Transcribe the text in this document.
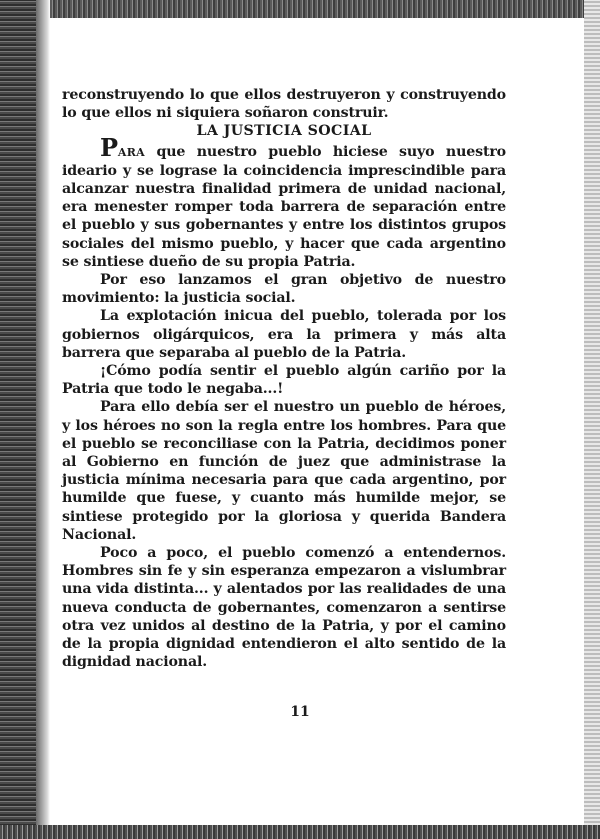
reconstruyendo lo que ellos destruyeron y construyendo lo que ellos ni siquiera soñaron construir.

LA JUSTICIA SOCIAL

PARA que nuestro pueblo hiciese suyo nuestro ideario y se lograse la coincidencia imprescindible para alcanzar nuestra finalidad primera de unidad nacional, era menester romper toda barrera de separación entre el pueblo y sus gobernantes y entre los distintos grupos sociales del mismo pueblo, y hacer que cada argentino se sintiese dueño de su propia Patria.

Por eso lanzamos el gran objetivo de nuestro movimiento: la justicia social.

La explotación inicua del pueblo, tolerada por los gobiernos oligárquicos, era la primera y más alta barrera que separaba al pueblo de la Patria.

¡Cómo podía sentir el pueblo algún cariño por la Patria que todo le negaba...!

Para ello debía ser el nuestro un pueblo de héroes, y los héroes no son la regla entre los hombres. Para que el pueblo se reconciliase con la Patria, decidimos poner al Gobierno en función de juez que administrase la justicia mínima necesaria para que cada argentino, por humilde que fuese, y cuanto más humilde mejor, se sintiese protegido por la gloriosa y querida Bandera Nacional.

Poco a poco, el pueblo comenzó a entendernos. Hombres sin fe y sin esperanza empezaron a vislumbrar una vida distinta... y alentados por las realidades de una nueva conducta de gobernantes, comenzaron a sentirse otra vez unidos al destino de la Patria, y por el camino de la propia dignidad entendieron el alto sentido de la dignidad nacional.

11
